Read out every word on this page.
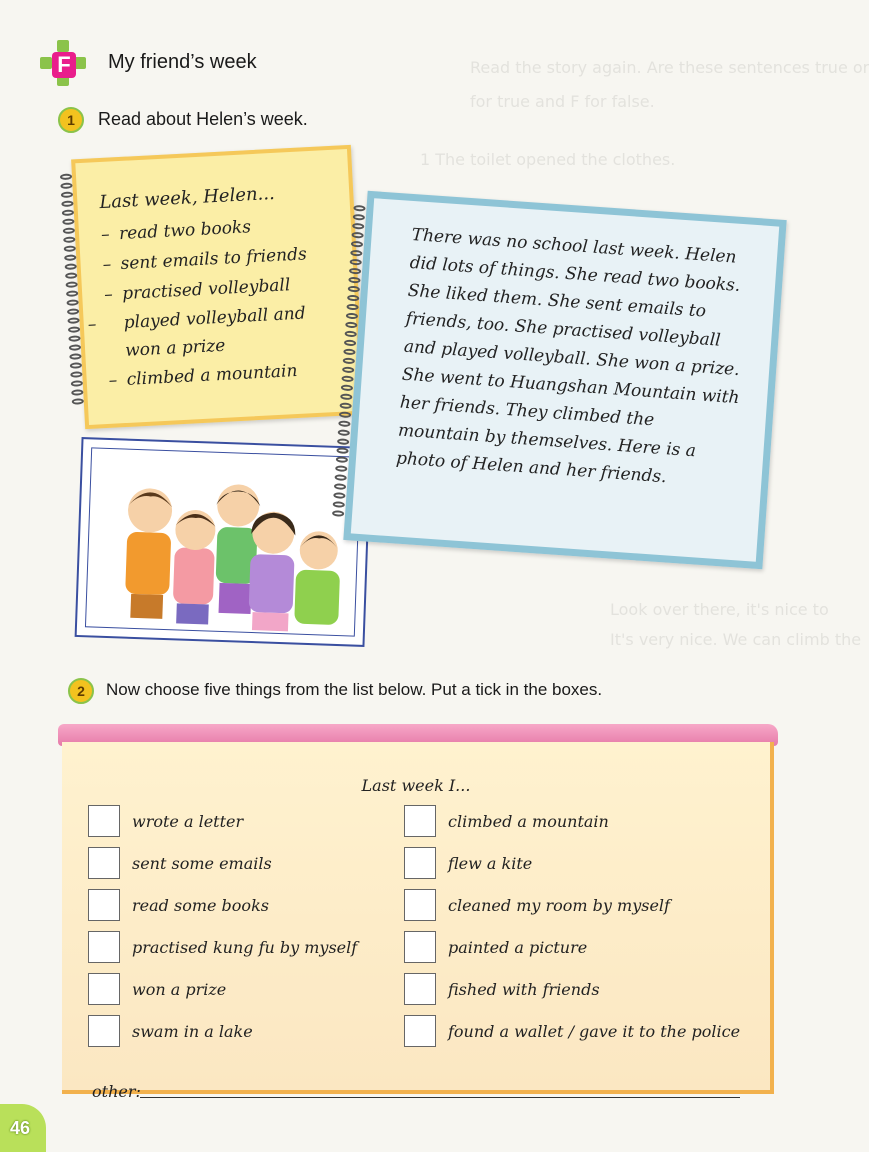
Read the story again. Are these sentences true or
for true and F for false.
1 The toilet opened the clothes.
Look over there, it's nice to
It's very nice. We can climb the
F My friend’s week
1	Read about Helen’s week.
Last week, Helen...
– read two books
– sent emails to friends
– practised volleyball
– played volleyball and won a prize
– climbed a mountain

There was no school last week. Helen did lots of things. She read two books. She liked them. She sent emails to friends, too. She practised volleyball and played volleyball. She won a prize. She went to Huangshan Mountain with her friends. They climbed the mountain by themselves. Here is a photo of Helen and her friends.

2	Now choose five things from the list below. Put a tick in the boxes.
Last week I...
wrote a letter
sent some emails
read some books
practised kung fu by myself
won a prize
swam in a lake
climbed a mountain
flew a kite
cleaned my room by myself
painted a picture
fished with friends
found a wallet / gave it to the police
other:
46
